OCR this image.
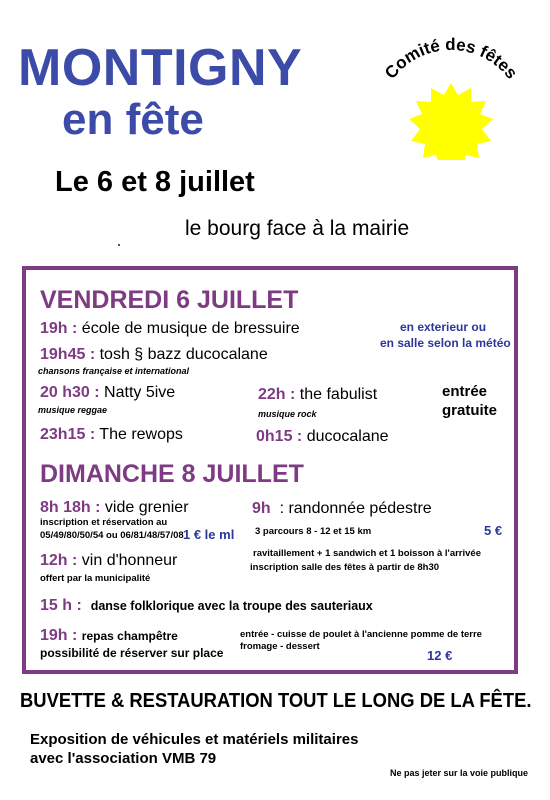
MONTIGNY
en fête
Le 6 et 8 juillet
le bourg face à la mairie
Comité des fêtes
VENDREDI 6 JUILLET
19h : école de musique de bressuire	en exterieur ou
en salle selon la météo
19h45 : tosh § bazz ducocalane
chansons française et international
20 h30 : Natty 5ive
musique reggae
22h : the fabulist
musique rock
entrée
gratuite
23h15 : The rewops	0h15 : ducocalane
DIMANCHE 8 JUILLET
8h 18h : vide grenier
inscription et réservation au
05/49/80/50/54 ou 06/81/48/57/08 1 € le ml
9h : randonnée pédestre
3 parcours 8 - 12 et 15 km	5 €
ravitaillement + 1 sandwich et 1 boisson à l'arrivée
inscription salle des fêtes à partir de 8h30
12h : vin d'honneur
offert par la municipalité
15 h : danse folklorique avec la troupe des sauteriaux
19h : repas champêtre
possibilité de réserver sur place
entrée - cuisse de poulet à l'ancienne pomme de terre
fromage - dessert
12 €
BUVETTE & RESTAURATION TOUT LE LONG DE LA FÊTE.
Exposition de véhicules et matériels militaires
avec l'association VMB 79
Ne pas jeter sur la voie publique
